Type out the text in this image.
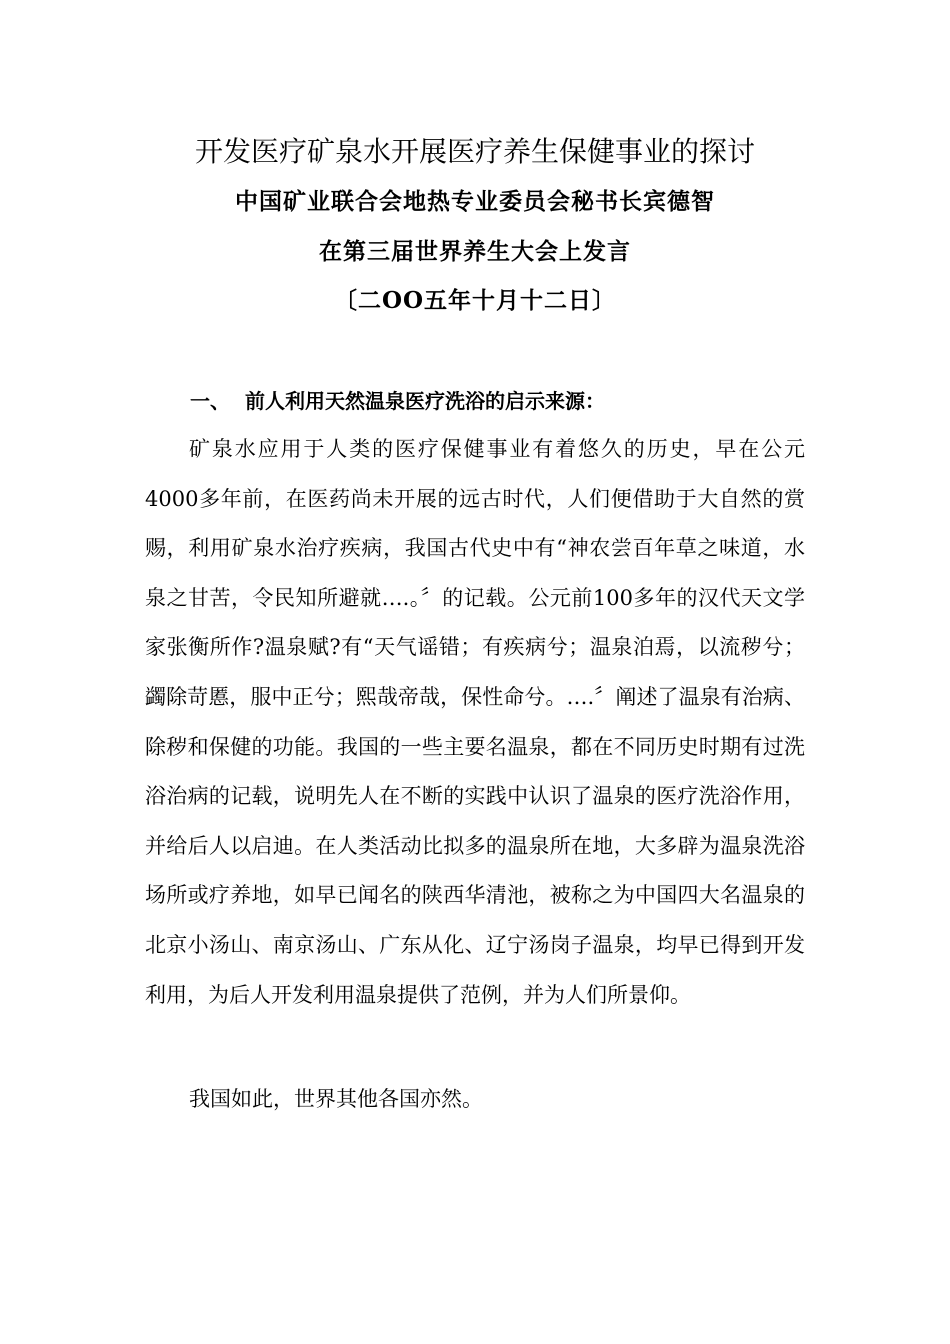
开发医疗矿泉水开展医疗养生保健事业的探讨
中国矿业联合会地热专业委员会秘书长宾德智
在第三届世界养生大会上发言
〔二OO五年十月十二日〕
一、 前人利用天然温泉医疗洗浴的启示来源：
矿泉水应用于人类的医疗保健事业有着悠久的历史，早在公元4000多年前，在医药尚未开展的远古时代，人们便借助于大自然的赏赐，利用矿泉水治疗疾病，我国古代史中有“神农尝百年草之味道，水泉之甘苦，令民知所避就….。〞的记载。公元前100多年的汉代天文学家张衡所作?温泉赋?有“天气谣错；有疾病兮；温泉泊焉，以流秽兮；蠲除苛慝，服中正兮；熙哉帝哉，保性命兮。….〞阐述了温泉有治病、除秽和保健的功能。我国的一些主要名温泉，都在不同历史时期有过洗浴治病的记载，说明先人在不断的实践中认识了温泉的医疗洗浴作用，并给后人以启迪。在人类活动比拟多的温泉所在地，大多辟为温泉洗浴场所或疗养地，如早已闻名的陕西华清池，被称之为中国四大名温泉的北京小汤山、南京汤山、广东从化、辽宁汤岗子温泉，均早已得到开发利用，为后人开发利用温泉提供了范例，并为人们所景仰。
我国如此，世界其他各国亦然。
